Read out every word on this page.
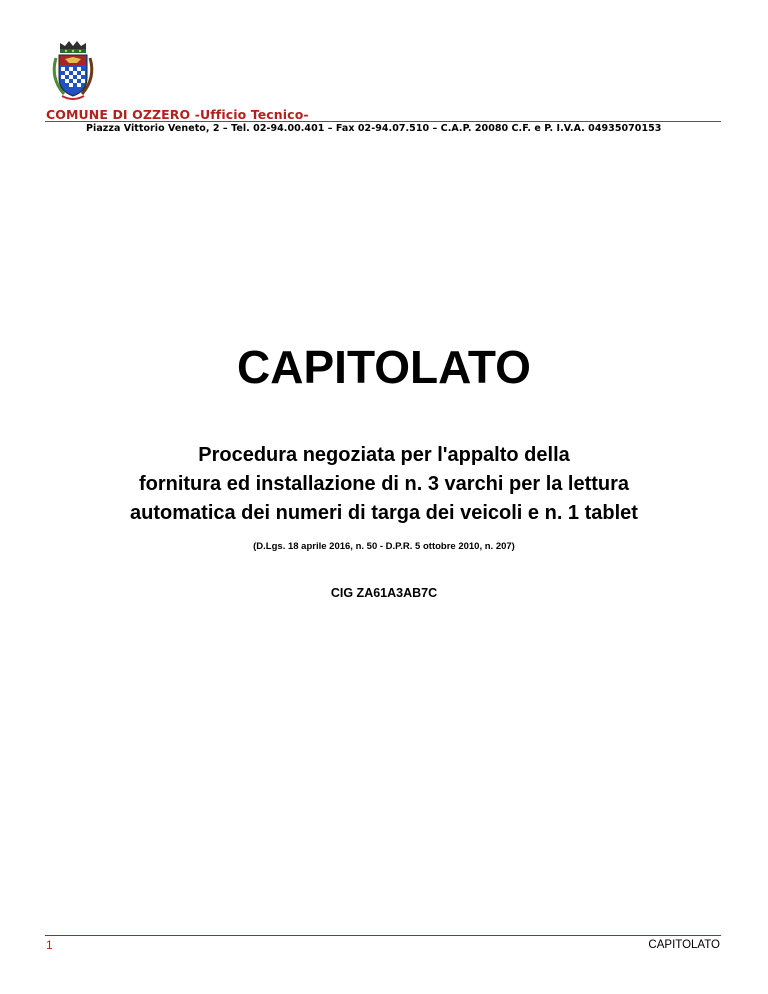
COMUNE DI OZZERO -Ufficio Tecnico-
Piazza Vittorio Veneto, 2 – Tel. 02-94.00.401 – Fax 02-94.07.510 – C.A.P. 20080 C.F. e P. I.V.A. 04935070153
CAPITOLATO
Procedura negoziata per l'appalto della
fornitura ed installazione di n. 3 varchi per la lettura
automatica dei numeri di targa dei veicoli e n. 1 tablet
(D.Lgs. 18 aprile 2016, n. 50 - D.P.R. 5 ottobre 2010, n. 207)
CIG ZA61A3AB7C
1	CAPITOLATO
